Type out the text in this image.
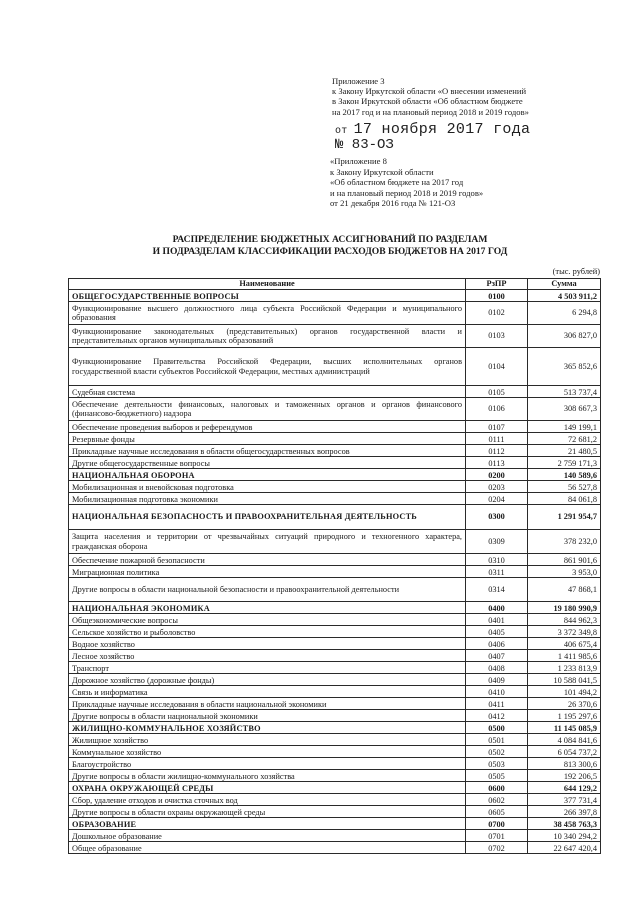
Приложение 3
к Закону Иркутской области «О внесении изменений
в Закон Иркутской области «Об областном бюджете
на 2017 год и на плановый период 2018 и 2019 годов»
от 17 ноября 2017 года
№ 83-ОЗ
«Приложение 8
к Закону Иркутской области
«Об областном бюджете на 2017 год
и на плановый период 2018 и 2019 годов»
от 21 декабря 2016 года № 121-ОЗ
РАСПРЕДЕЛЕНИЕ БЮДЖЕТНЫХ АССИГНОВАНИЙ ПО РАЗДЕЛАМ
И ПОДРАЗДЕЛАМ КЛАССИФИКАЦИИ РАСХОДОВ БЮДЖЕТОВ НА 2017 ГОД
(тыс. рублей)
Наименование	РзПР	Сумма
ОБЩЕГОСУДАРСТВЕННЫЕ ВОПРОСЫ	0100	4 503 911,2
Функционирование высшего должностного лица субъекта Российской Федерации и муниципального образования	0102	6 294,8
Функционирование законодательных (представительных) органов государственной власти и представительных органов муниципальных образований	0103	306 827,0
Функционирование Правительства Российской Федерации, высших исполнительных органов государственной власти субъектов Российской Федерации, местных администраций	0104	365 852,6
Судебная система	0105	513 737,4
Обеспечение деятельности финансовых, налоговых и таможенных органов и органов финансового (финансово-бюджетного) надзора	0106	308 667,3
Обеспечение проведения выборов и референдумов	0107	149 199,1
Резервные фонды	0111	72 681,2
Прикладные научные исследования в области общегосударственных вопросов	0112	21 480,5
Другие общегосударственные вопросы	0113	2 759 171,3
НАЦИОНАЛЬНАЯ ОБОРОНА	0200	140 589,6
Мобилизационная и вневойсковая подготовка	0203	56 527,8
Мобилизационная подготовка экономики	0204	84 061,8
НАЦИОНАЛЬНАЯ БЕЗОПАСНОСТЬ И ПРАВООХРАНИТЕЛЬНАЯ ДЕЯТЕЛЬНОСТЬ	0300	1 291 954,7
Защита населения и территории от чрезвычайных ситуаций природного и техногенного характера, гражданская оборона	0309	378 232,0
Обеспечение пожарной безопасности	0310	861 901,6
Миграционная политика	0311	3 953,0
Другие вопросы в области национальной безопасности и правоохранительной деятельности	0314	47 868,1
НАЦИОНАЛЬНАЯ ЭКОНОМИКА	0400	19 180 990,9
Общеэкономические вопросы	0401	844 962,3
Сельское хозяйство и рыболовство	0405	3 372 349,8
Водное хозяйство	0406	406 675,4
Лесное хозяйство	0407	1 411 985,6
Транспорт	0408	1 233 813,9
Дорожное хозяйство (дорожные фонды)	0409	10 588 041,5
Связь и информатика	0410	101 494,2
Прикладные научные исследования в области национальной экономики	0411	26 370,6
Другие вопросы в области национальной экономики	0412	1 195 297,6
ЖИЛИЩНО-КОММУНАЛЬНОЕ ХОЗЯЙСТВО	0500	11 145 085,9
Жилищное хозяйство	0501	4 084 841,6
Коммунальное хозяйство	0502	6 054 737,2
Благоустройство	0503	813 300,6
Другие вопросы в области жилищно-коммунального хозяйства	0505	192 206,5
ОХРАНА ОКРУЖАЮЩЕЙ СРЕДЫ	0600	644 129,2
Сбор, удаление отходов и очистка сточных вод	0602	377 731,4
Другие вопросы в области охраны окружающей среды	0605	266 397,8
ОБРАЗОВАНИЕ	0700	38 458 763,3
Дошкольное образование	0701	10 340 294,2
Общее образование	0702	22 647 420,4
